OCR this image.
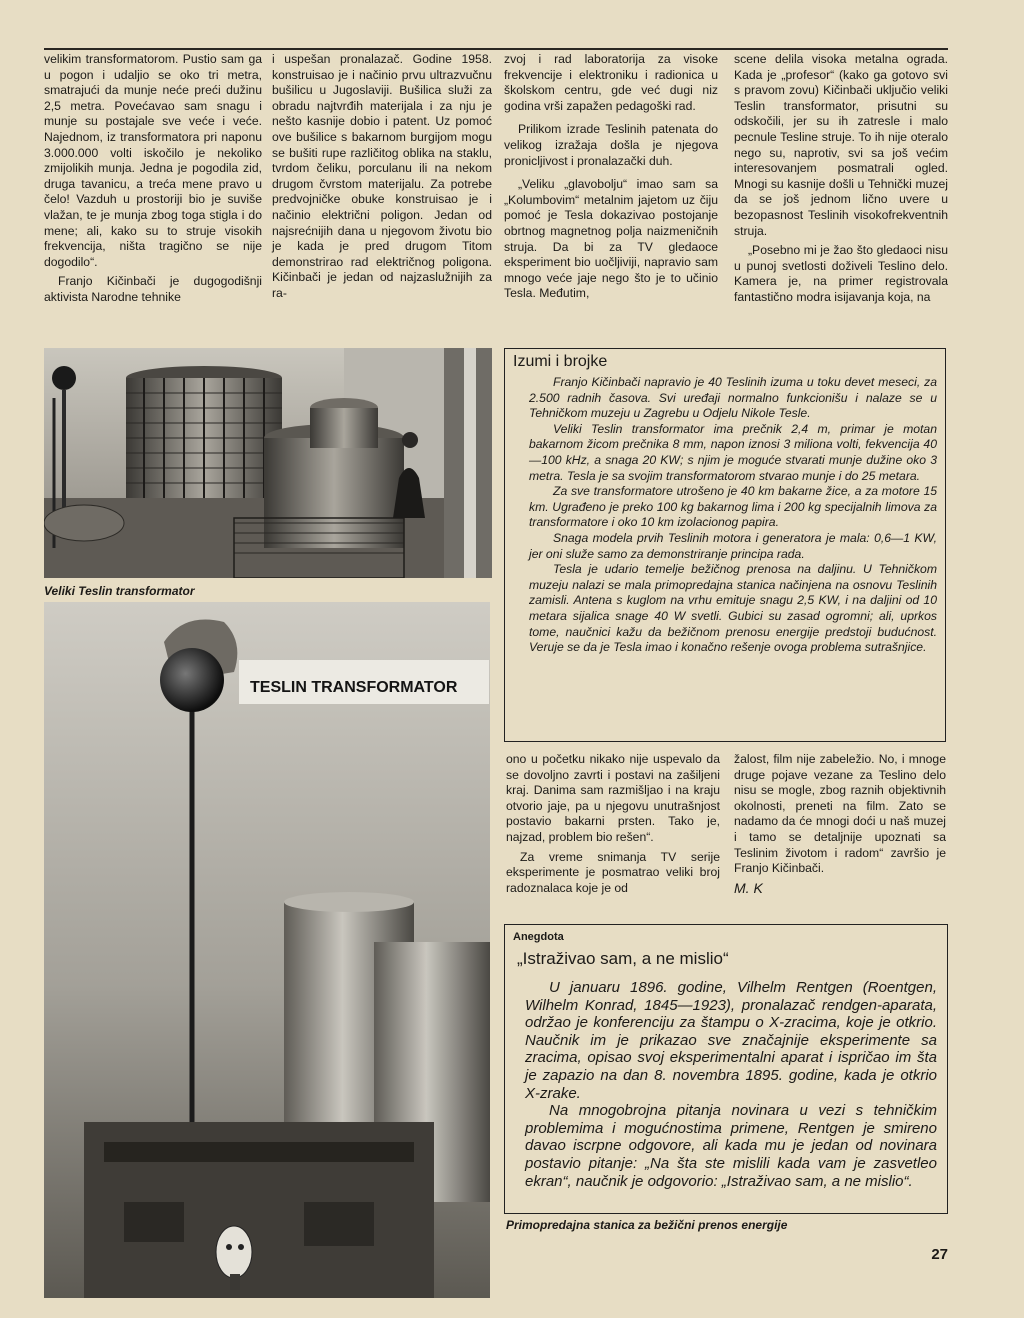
velikim transformatorom. Pustio sam ga u pogon i udaljio se oko tri metra, smatrajući da munje neće preći dužinu 2,5 metra. Povećavao sam snagu i munje su postajale sve veće i veće. Najednom, iz transformatora pri naponu 3.000.000 volti iskočilo je nekoliko zmijolikih munja. Jedna je pogodila zid, druga tavanicu, a treća mene pravo u čelo! Vazduh u prostoriji bio je suviše vlažan, te je munja zbog toga stigla i do mene; ali, kako su to struje visokih frekvencija, ništa tragično se nije dogodilo“.

Franjo Kičinbači je dugogodišnji aktivista Narodne tehnike

i uspešan pronalazač. Godine 1958. konstruisao je i načinio prvu ultrazvučnu bušilicu u Jugoslaviji. Bušilica služi za obradu najtvrđih materijala i za nju je nešto kasnije dobio i patent. Uz pomoć ove bušilice s bakarnom burgijom mogu se bušiti rupe različitog oblika na staklu, tvrdom čeliku, porculanu ili na nekom drugom čvrstom materijalu. Za potrebe predvojničke obuke konstruisao je i načinio električni poligon. Jedan od najsrećnijih dana u njegovom životu bio je kada je pred drugom Titom demonstrirao rad električnog poligona. Kičinbači je jedan od najzaslužnijih za ra-

zvoj i rad laboratorija za visoke frekvencije i elektroniku i radionica u školskom centru, gde već dugi niz godina vrši zapažen pedagoški rad.

Prilikom izrade Teslinih patenata do velikog izražaja došla je njegova pronicljivost i pronalazački duh.

„Veliku „glavobolju“ imao sam sa „Kolumbovim“ metalnim jajetom uz čiju pomoć je Tesla dokazivao postojanje obrtnog magnetnog polja naizmeničnih struja. Da bi za TV gledaoce eksperiment bio uočljiviji, napravio sam mnogo veće jaje nego što je to učinio Tesla. Međutim,

scene delila visoka metalna ograda. Kada je „profesor“ (kako ga gotovo svi s pravom zovu) Kičinbači uključio veliki Teslin transformator, prisutni su odskočili, jer su ih zatresle i malo pecnule Tesline struje. To ih nije oteralo nego su, naprotiv, svi sa još većim interesovanjem posmatrali ogled. Mnogi su kasnije došli u Tehnički muzej da se još jednom lično uvere u bezopasnost Teslinih visokofrekventnih struja.

„Posebno mi je žao što gledaoci nisu u punoj svetlosti doživeli Teslino delo. Kamera je, na primer registrovala fantastično modra isijavanja koja, na

Veliki Teslin transformator
TESLIN TRANSFORMATOR
Izumi i brojke

Franjo Kičinbači napravio je 40 Teslinih izuma u toku devet meseci, za 2.500 radnih časova. Svi uređaji normalno funkcionišu i nalaze se u Tehničkom muzeju u Zagrebu u Odjelu Nikole Tesle.

Veliki Teslin transformator ima prečnik 2,4 m, primar je motan bakarnom žicom prečnika 8 mm, napon iznosi 3 miliona volti, fekvencija 40—100 kHz, a snaga 20 KW; s njim je moguće stvarati munje dužine oko 3 metra. Tesla je sa svojim transformatorom stvarao munje i do 25 metara.

Za sve transformatore utrošeno je 40 km bakarne žice, a za motore 15 km. Ugrađeno je preko 100 kg bakarnog lima i 200 kg specijalnih limova za transformatore i oko 10 km izolacionog papira.

Snaga modela prvih Teslinih motora i generatora je mala: 0,6—1 KW, jer oni služe samo za demonstriranje principa rada.

Tesla je udario temelje bežičnog prenosa na daljinu. U Tehničkom muzeju nalazi se mala primopredajna stanica načinjena na osnovu Teslinih zamisli. Antena s kuglom na vrhu emituje snagu 2,5 KW, i na daljini od 10 metara sijalica snage 40 W svetli. Gubici su zasad ogromni; ali, uprkos tome, naučnici kažu da bežičnom prenosu energije predstoji budućnost. Veruje se da je Tesla imao i konačno rešenje ovoga problema sutrašnjice.

ono u početku nikako nije uspevalo da se dovoljno zavrti i postavi na zašiljeni kraj. Danima sam razmišljao i na kraju otvorio jaje, pa u njegovu unutrašnjost postavio bakarni prsten. Tako je, najzad, problem bio rešen“.

Za vreme snimanja TV serije eksperimente je posmatrao veliki broj radoznalaca koje je od

žalost, film nije zabeležio. No, i mnoge druge pojave vezane za Teslino delo nisu se mogle, zbog raznih objektivnih okolnosti, preneti na film. Zato se nadamo da će mnogi doći u naš muzej i tamo se detaljnije upoznati sa Teslinim životom i radom“ završio je Franjo Kičinbači.

M. K

Anegdota
„Istraživao sam, a ne mislio“

U januaru 1896. godine, Vilhelm Rentgen (Roentgen, Wilhelm Konrad, 1845—1923), pronalazač rendgen-aparata, održao je konferenciju za štampu o X-zracima, koje je otkrio. Naučnik im je prikazao sve značajnije eksperimente sa zracima, opisao svoj eksperimentalni aparat i ispričao im šta je zapazio na dan 8. novembra 1895. godine, kada je otkrio X-zrake.

Na mnogobrojna pitanja novinara u vezi s tehničkim problemima i mogućnostima primene, Rentgen je smireno davao iscrpne odgovore, ali kada mu je jedan od novinara postavio pitanje: „Na šta ste mislili kada vam je zasvetleo ekran“, naučnik je odgovorio: „Istraživao sam, a ne mislio“.

Primopredajna stanica za bežični prenos energije
27
